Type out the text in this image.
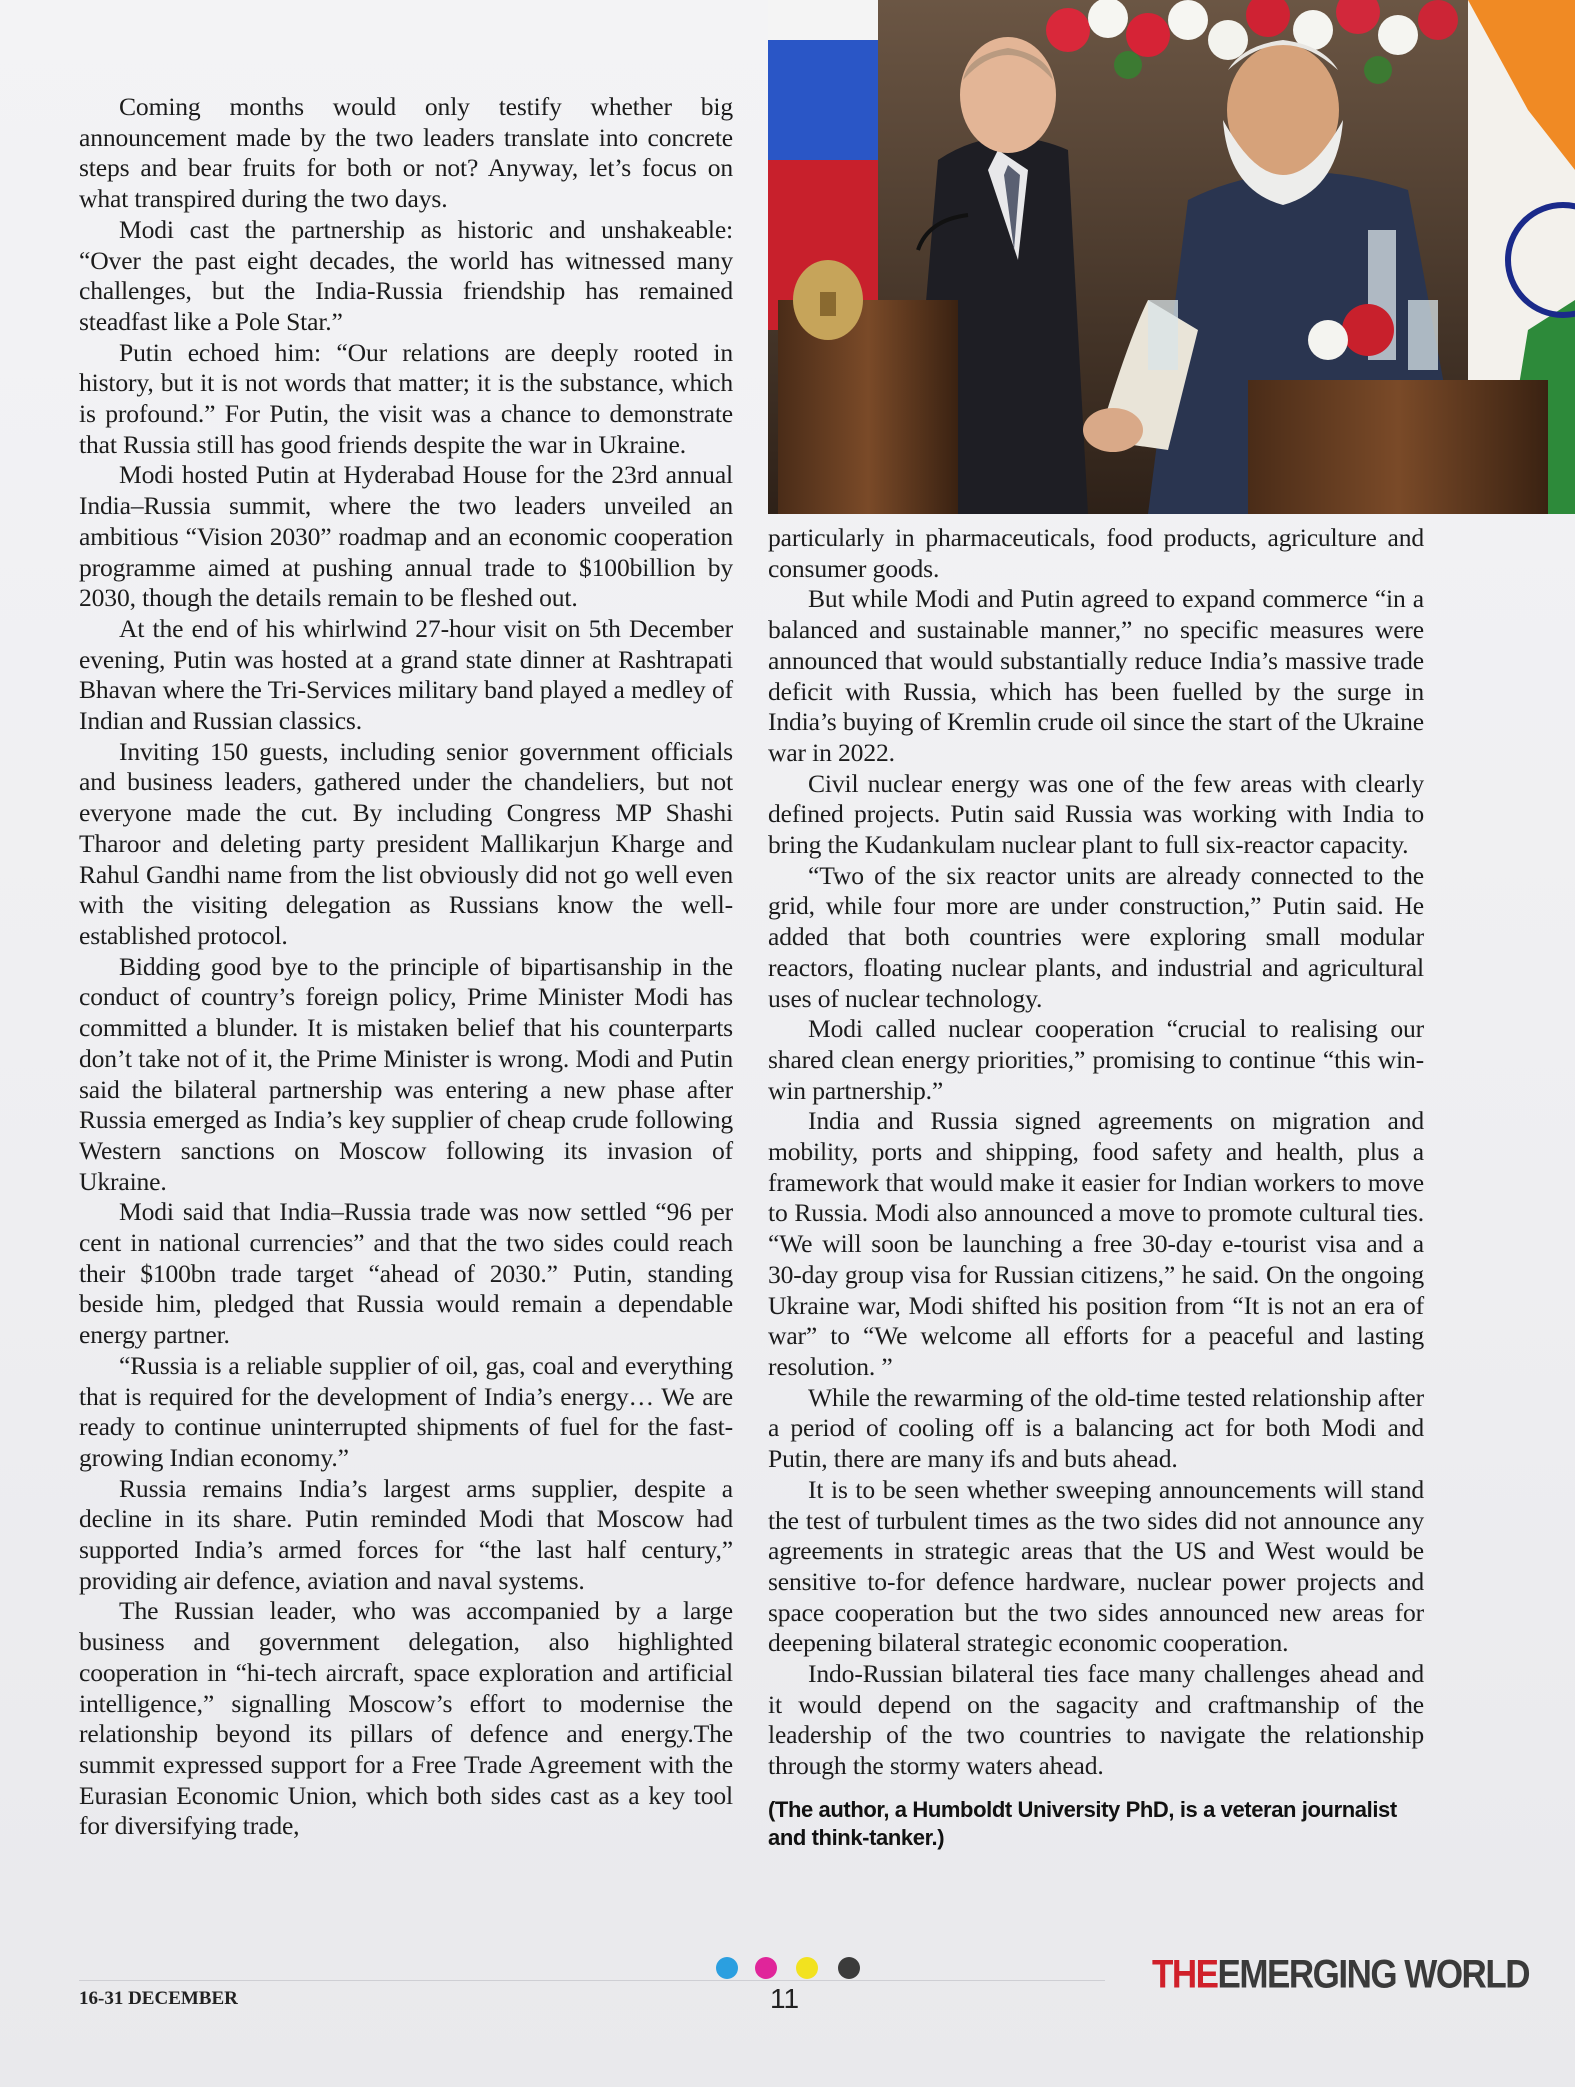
Coming months would only testify whether big announcement made by the two leaders translate into concrete steps and bear fruits for both or not? Anyway, let’s focus on what transpired during the two days.

Modi cast the partnership as historic and unshakeable: “Over the past eight decades, the world has witnessed many challenges, but the India-Russia friendship has remained steadfast like a Pole Star.”

Putin echoed him: “Our relations are deeply rooted in history, but it is not words that matter; it is the substance, which is profound.” For Putin, the visit was a chance to demonstrate that Russia still has good friends despite the war in Ukraine.

Modi hosted Putin at Hyderabad House for the 23rd annual India–Russia summit, where the two leaders unveiled an ambitious “Vision 2030” roadmap and an economic cooperation programme aimed at pushing annual trade to $100billion by 2030, though the details remain to be fleshed out.

At the end of his whirlwind 27-hour visit on 5th December evening, Putin was hosted at a grand state dinner at Rashtrapati Bhavan where the Tri-Services military band played a medley of Indian and Russian classics.

Inviting 150 guests, including senior government officials and business leaders, gathered under the chandeliers, but not everyone made the cut. By including Congress MP Shashi Tharoor and deleting party president Mallikarjun Kharge and Rahul Gandhi name from the list obviously did not go well even with the visiting delegation as Russians know the well-established protocol.

Bidding good bye to the principle of bipartisanship in the conduct of country’s foreign policy, Prime Minister Modi has committed a blunder. It is mistaken belief that his counterparts don’t take not of it, the Prime Minister is wrong. Modi and Putin said the bilateral partnership was entering a new phase after Russia emerged as India’s key supplier of cheap crude following Western sanctions on Moscow following its invasion of Ukraine.

Modi said that India–Russia trade was now settled “96 per cent in national currencies” and that the two sides could reach their $100bn trade target “ahead of 2030.” Putin, standing beside him, pledged that Russia would remain a dependable energy partner.

“Russia is a reliable supplier of oil, gas, coal and everything that is required for the development of India’s energy… We are ready to continue uninterrupted shipments of fuel for the fast-growing Indian economy.”

Russia remains India’s largest arms supplier, despite a decline in its share. Putin reminded Modi that Moscow had supported India’s armed forces for “the last half century,” providing air defence, aviation and naval systems.

The Russian leader, who was accompanied by a large business and government delegation, also highlighted cooperation in “hi-tech aircraft, space exploration and artificial intelligence,” signalling Moscow’s effort to modernise the relationship beyond its pillars of defence and energy.The summit expressed support for a Free Trade Agreement with the Eurasian Economic Union, which both sides cast as a key tool for diversifying trade,

particularly in pharmaceuticals, food products, agriculture and consumer goods.

But while Modi and Putin agreed to expand commerce “in a balanced and sustainable manner,” no specific measures were announced that would substantially reduce India’s massive trade deficit with Russia, which has been fuelled by the surge in India’s buying of Kremlin crude oil since the start of the Ukraine war in 2022.

Civil nuclear energy was one of the few areas with clearly defined projects. Putin said Russia was working with India to bring the Kudankulam nuclear plant to full six-reactor capacity.

“Two of the six reactor units are already connected to the grid, while four more are under construction,” Putin said. He added that both countries were exploring small modular reactors, floating nuclear plants, and industrial and agricultural uses of nuclear technology.

Modi called nuclear cooperation “crucial to realising our shared clean energy priorities,” promising to continue “this win-win partnership.”

India and Russia signed agreements on migration and mobility, ports and shipping, food safety and health, plus a framework that would make it easier for Indian workers to move to Russia. Modi also announced a move to promote cultural ties. “We will soon be launching a free 30-day e-tourist visa and a 30-day group visa for Russian citizens,” he said. On the ongoing Ukraine war, Modi shifted his position from “It is not an era of war” to “We welcome all efforts for a peaceful and lasting resolution. ”

While the rewarming of the old-time tested relationship after a period of cooling off is a balancing act for both Modi and Putin, there are many ifs and buts ahead.

It is to be seen whether sweeping announcements will stand the test of turbulent times as the two sides did not announce any agreements in strategic areas that the US and West would be sensitive to-for defence hardware, nuclear power projects and space cooperation but the two sides announced new areas for deepening bilateral strategic economic cooperation.

Indo-Russian bilateral ties face many challenges ahead and it would depend on the sagacity and craftmanship of the leadership of the two countries to navigate the relationship through the stormy waters ahead.

(The author, a Humboldt University PhD, is a veteran journalist and think-tanker.)
16-31 DECEMBER	11
THEEMERGING WORLD
